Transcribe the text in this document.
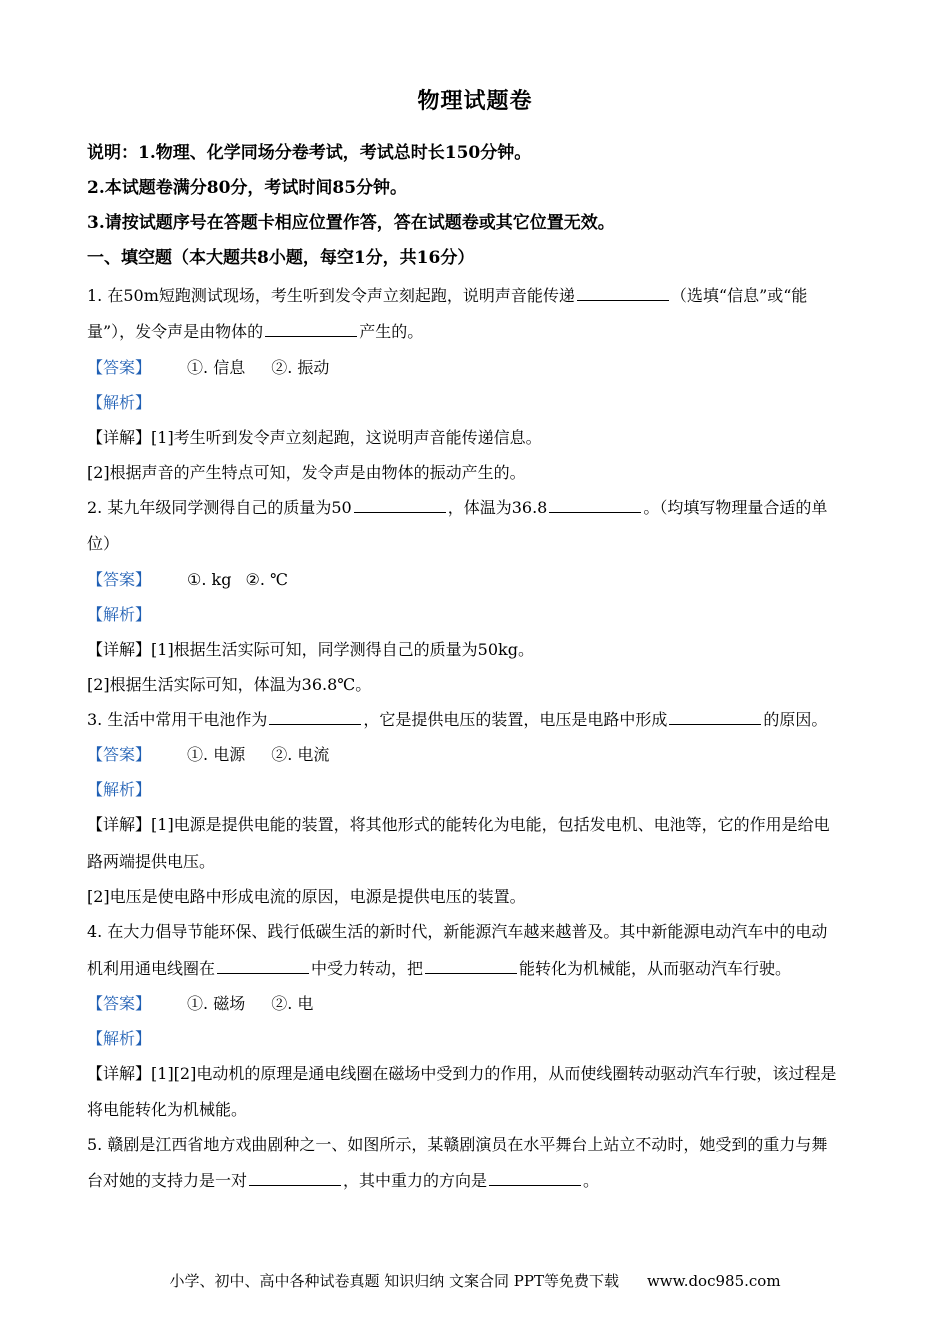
物理试题卷
说明：1.物理、化学同场分卷考试，考试总时长150分钟。
2.本试题卷满分80分，考试时间85分钟。
3.请按试题序号在答题卡相应位置作答，答在试题卷或其它位置无效。
一、填空题（本大题共8小题，每空1分，共16分）
1. 在50m短跑测试现场，考生听到发令声立刻起跑，说明声音能传递	（选填“信息”或“能
量”），发令声是由物体的	产生的。
【答案】 ①. 信息 ②. 振动
【解析】
【详解】[1]考生听到发令声立刻起跑，这说明声音能传递信息。
[2]根据声音的产生特点可知，发令声是由物体的振动产生的。
2. 某九年级同学测得自己的质量为50	，体温为36.8	。（均填写物理量合适的单
位）
【答案】 ①. kg ②. ℃
【解析】
【详解】[1]根据生活实际可知，同学测得自己的质量为50kg。
[2]根据生活实际可知，体温为36.8℃。
3. 生活中常用干电池作为	，它是提供电压的装置，电压是电路中形成	的原因。
【答案】 ①. 电源 ②. 电流
【解析】
【详解】[1]电源是提供电能的装置，将其他形式的能转化为电能，包括发电机、电池等，它的作用是给电
路两端提供电压。
[2]电压是使电路中形成电流的原因，电源是提供电压的装置。
4. 在大力倡导节能环保、践行低碳生活的新时代，新能源汽车越来越普及。其中新能源电动汽车中的电动
机利用通电线圈在	中受力转动，把	能转化为机械能，从而驱动汽车行驶。
【答案】 ①. 磁场 ②. 电
【解析】
【详解】[1][2]电动机的原理是通电线圈在磁场中受到力的作用，从而使线圈转动驱动汽车行驶，该过程是
将电能转化为机械能。
5. 赣剧是江西省地方戏曲剧种之一、如图所示，某赣剧演员在水平舞台上站立不动时，她受到的重力与舞
台对她的支持力是一对	，其中重力的方向是	。
小学、初中、高中各种试卷真题 知识归纳 文案合同 PPT等免费下载 www.doc985.com
